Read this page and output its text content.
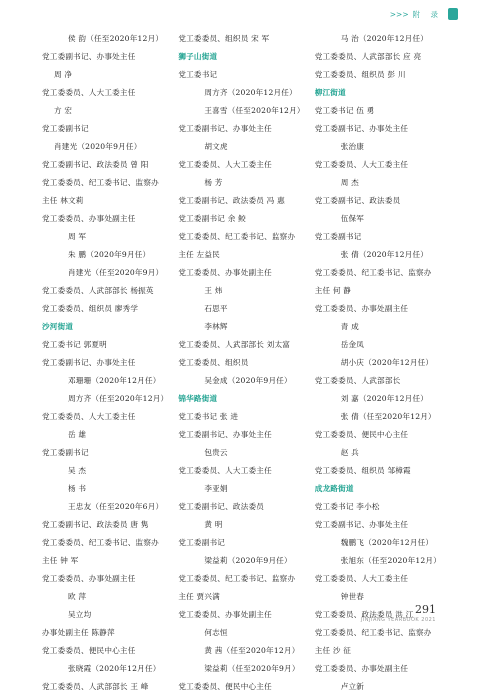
>>> 附 录
侯 韵（任至2020年12月）
党工委副书记、办事处主任
周 净
党工委委员、人大工委主任
方 宏
党工委副书记
肖建光（2020年9月任）
党工委副书记、政法委员 曾 阳
党工委委员、纪工委书记、监察办
主任 林文莉
党工委委员、办事处副主任
周 军
朱 鹏（2020年9月任）
肖建光（任至2020年9月）
党工委委员、人武部部长 杨振英
党工委委员、组织员 廖秀学
沙河街道
党工委书记 郭夏明
党工委副书记、办事处主任
邓珊珊（2020年12月任）
周方齐（任至2020年12月）
党工委委员、人大工委主任
岳 雄
党工委副书记
吴 杰
杨 书
王忠友（任至2020年6月）
党工委副书记、政法委员 唐 隽
党工委委员、纪工委书记、监察办
主任 钟 军
党工委委员、办事处副主任
欧 萍
吴立均
办事处副主任 陈静萍
党工委委员、便民中心主任
张晓霞（2020年12月任）
党工委委员、人武部部长 王 峰
党工委委员、组织员 宋 军
狮子山街道
党工委书记
周方齐（2020年12月任）
王喜雪（任至2020年12月）
党工委副书记、办事处主任
胡文虎
党工委委员、人大工委主任
杨 芳
党工委副书记、政法委员 冯 惠
党工委副书记 余 鲛
党工委委员、纪工委书记、监察办
主任 左益民
党工委委员、办事处副主任
王 炜
石思平
李林辉
党工委委员、人武部部长 刘太富
党工委委员、组织员
吴金成（2020年9月任）
锦华路街道
党工委书记 张 进
党工委副书记、办事处主任
包贵云
党工委委员、人大工委主任
李亚娟
党工委副书记、政法委员
黄 明
党工委副书记
梁益莉（2020年9月任）
党工委委员、纪工委书记、监察办
主任 贾兴满
党工委委员、办事处副主任
何志恒
黄 茜（任至2020年12月）
梁益莉（任至2020年9月）
党工委委员、便民中心主任
马 治（2020年12月任）
党工委委员、人武部部长 应 亮
党工委委员、组织员 彭 川
柳江街道
党工委书记 伍 勇
党工委副书记、办事处主任
张治康
党工委委员、人大工委主任
周 杰
党工委副书记、政法委员
伍保军
党工委副书记
张 倩（2020年12月任）
党工委委员、纪工委书记、监察办
主任 何 静
党工委委员、办事处副主任
青 成
岳金凤
胡小庆（2020年12月任）
党工委委员、人武部部长
刘 嘉（2020年12月任）
张 倩（任至2020年12月）
党工委委员、便民中心主任
赵 兵
党工委委员、组织员 邹樟霞
成龙路街道
党工委书记 李小松
党工委副书记、办事处主任
魏鹏飞（2020年12月任）
张旭东（任至2020年12月）
党工委委员、人大工委主任
钟世春
党工委委员、政法委员 洪 江
党工委委员、纪工委书记、监察办
主任 沙 征
党工委委员、办事处副主任
卢立新
291
JINJIANG YEARBOOK 2021
